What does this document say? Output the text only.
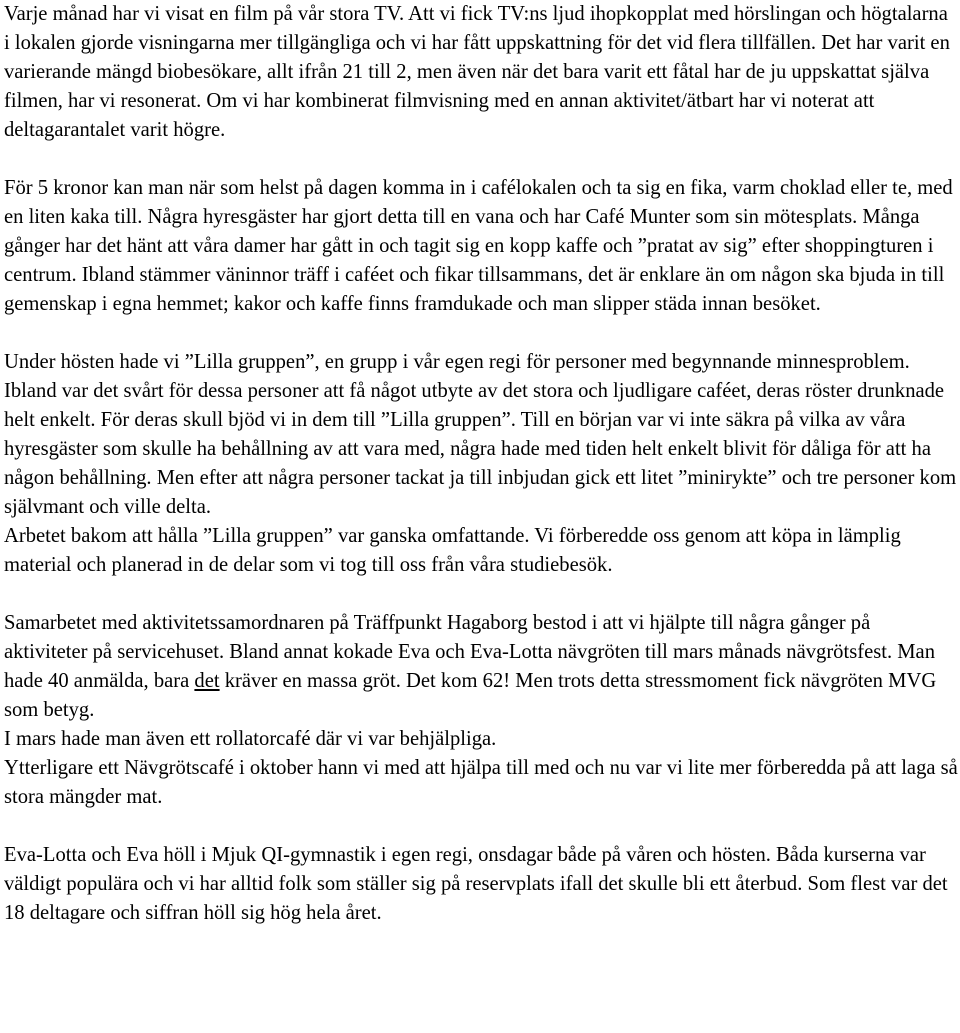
Varje månad har vi visat en film på vår stora TV. Att vi fick TV:ns ljud ihopkopplat med hörslingan och högtalarna i lokalen gjorde visningarna mer tillgängliga och vi har fått uppskattning för det vid flera tillfällen. Det har varit en varierande mängd biobesökare, allt ifrån 21 till 2, men även när det bara varit ett fåtal har de ju uppskattat själva filmen, har vi resonerat. Om vi har kombinerat filmvisning med en annan aktivitet/ätbart har vi noterat att deltagarantalet varit högre.

För 5 kronor kan man när som helst på dagen komma in i cafélokalen och ta sig en fika, varm choklad eller te, med en liten kaka till. Några hyresgäster har gjort detta till en vana och har Café Munter som sin mötesplats. Många gånger har det hänt att våra damer har gått in och tagit sig en kopp kaffe och ”pratat av sig” efter shoppingturen i centrum. Ibland stämmer väninnor träff i caféet och fikar tillsammans, det är enklare än om någon ska bjuda in till gemenskap i egna hemmet; kakor och kaffe finns framdukade och man slipper städa innan besöket.

Under hösten hade vi ”Lilla gruppen”, en grupp i vår egen regi för personer med begynnande minnesproblem. Ibland var det svårt för dessa personer att få något utbyte av det stora och ljudligare caféet, deras röster drunknade helt enkelt. För deras skull bjöd vi in dem till ”Lilla gruppen”. Till en början var vi inte säkra på vilka av våra hyresgäster som skulle ha behållning av att vara med, några hade med tiden helt enkelt blivit för dåliga för att ha någon behållning. Men efter att några personer tackat ja till inbjudan gick ett litet ”minirykte” och tre personer kom självmant och ville delta.

Arbetet bakom att hålla ”Lilla gruppen” var ganska omfattande. Vi förberedde oss genom att köpa in lämplig material och planerad in de delar som vi tog till oss från våra studiebesök.

Samarbetet med aktivitetssamordnaren på Träffpunkt Hagaborg bestod i att vi hjälpte till några gånger på aktiviteter på servicehuset. Bland annat kokade Eva och Eva-Lotta nävgröten till mars månads nävgrötsfest. Man hade 40 anmälda, bara det kräver en massa gröt. Det kom 62! Men trots detta stressmoment fick nävgröten MVG som betyg.

I mars hade man även ett rollatorcafé där vi var behjälpliga.

Ytterligare ett Nävgrötscafé i oktober hann vi med att hjälpa till med och nu var vi lite mer förberedda på att laga så stora mängder mat.

Eva-Lotta och Eva höll i Mjuk QI-gymnastik i egen regi, onsdagar både på våren och hösten. Båda kurserna var väldigt populära och vi har alltid folk som ställer sig på reservplats ifall det skulle bli ett återbud. Som flest var det 18 deltagare och siffran höll sig hög hela året.
